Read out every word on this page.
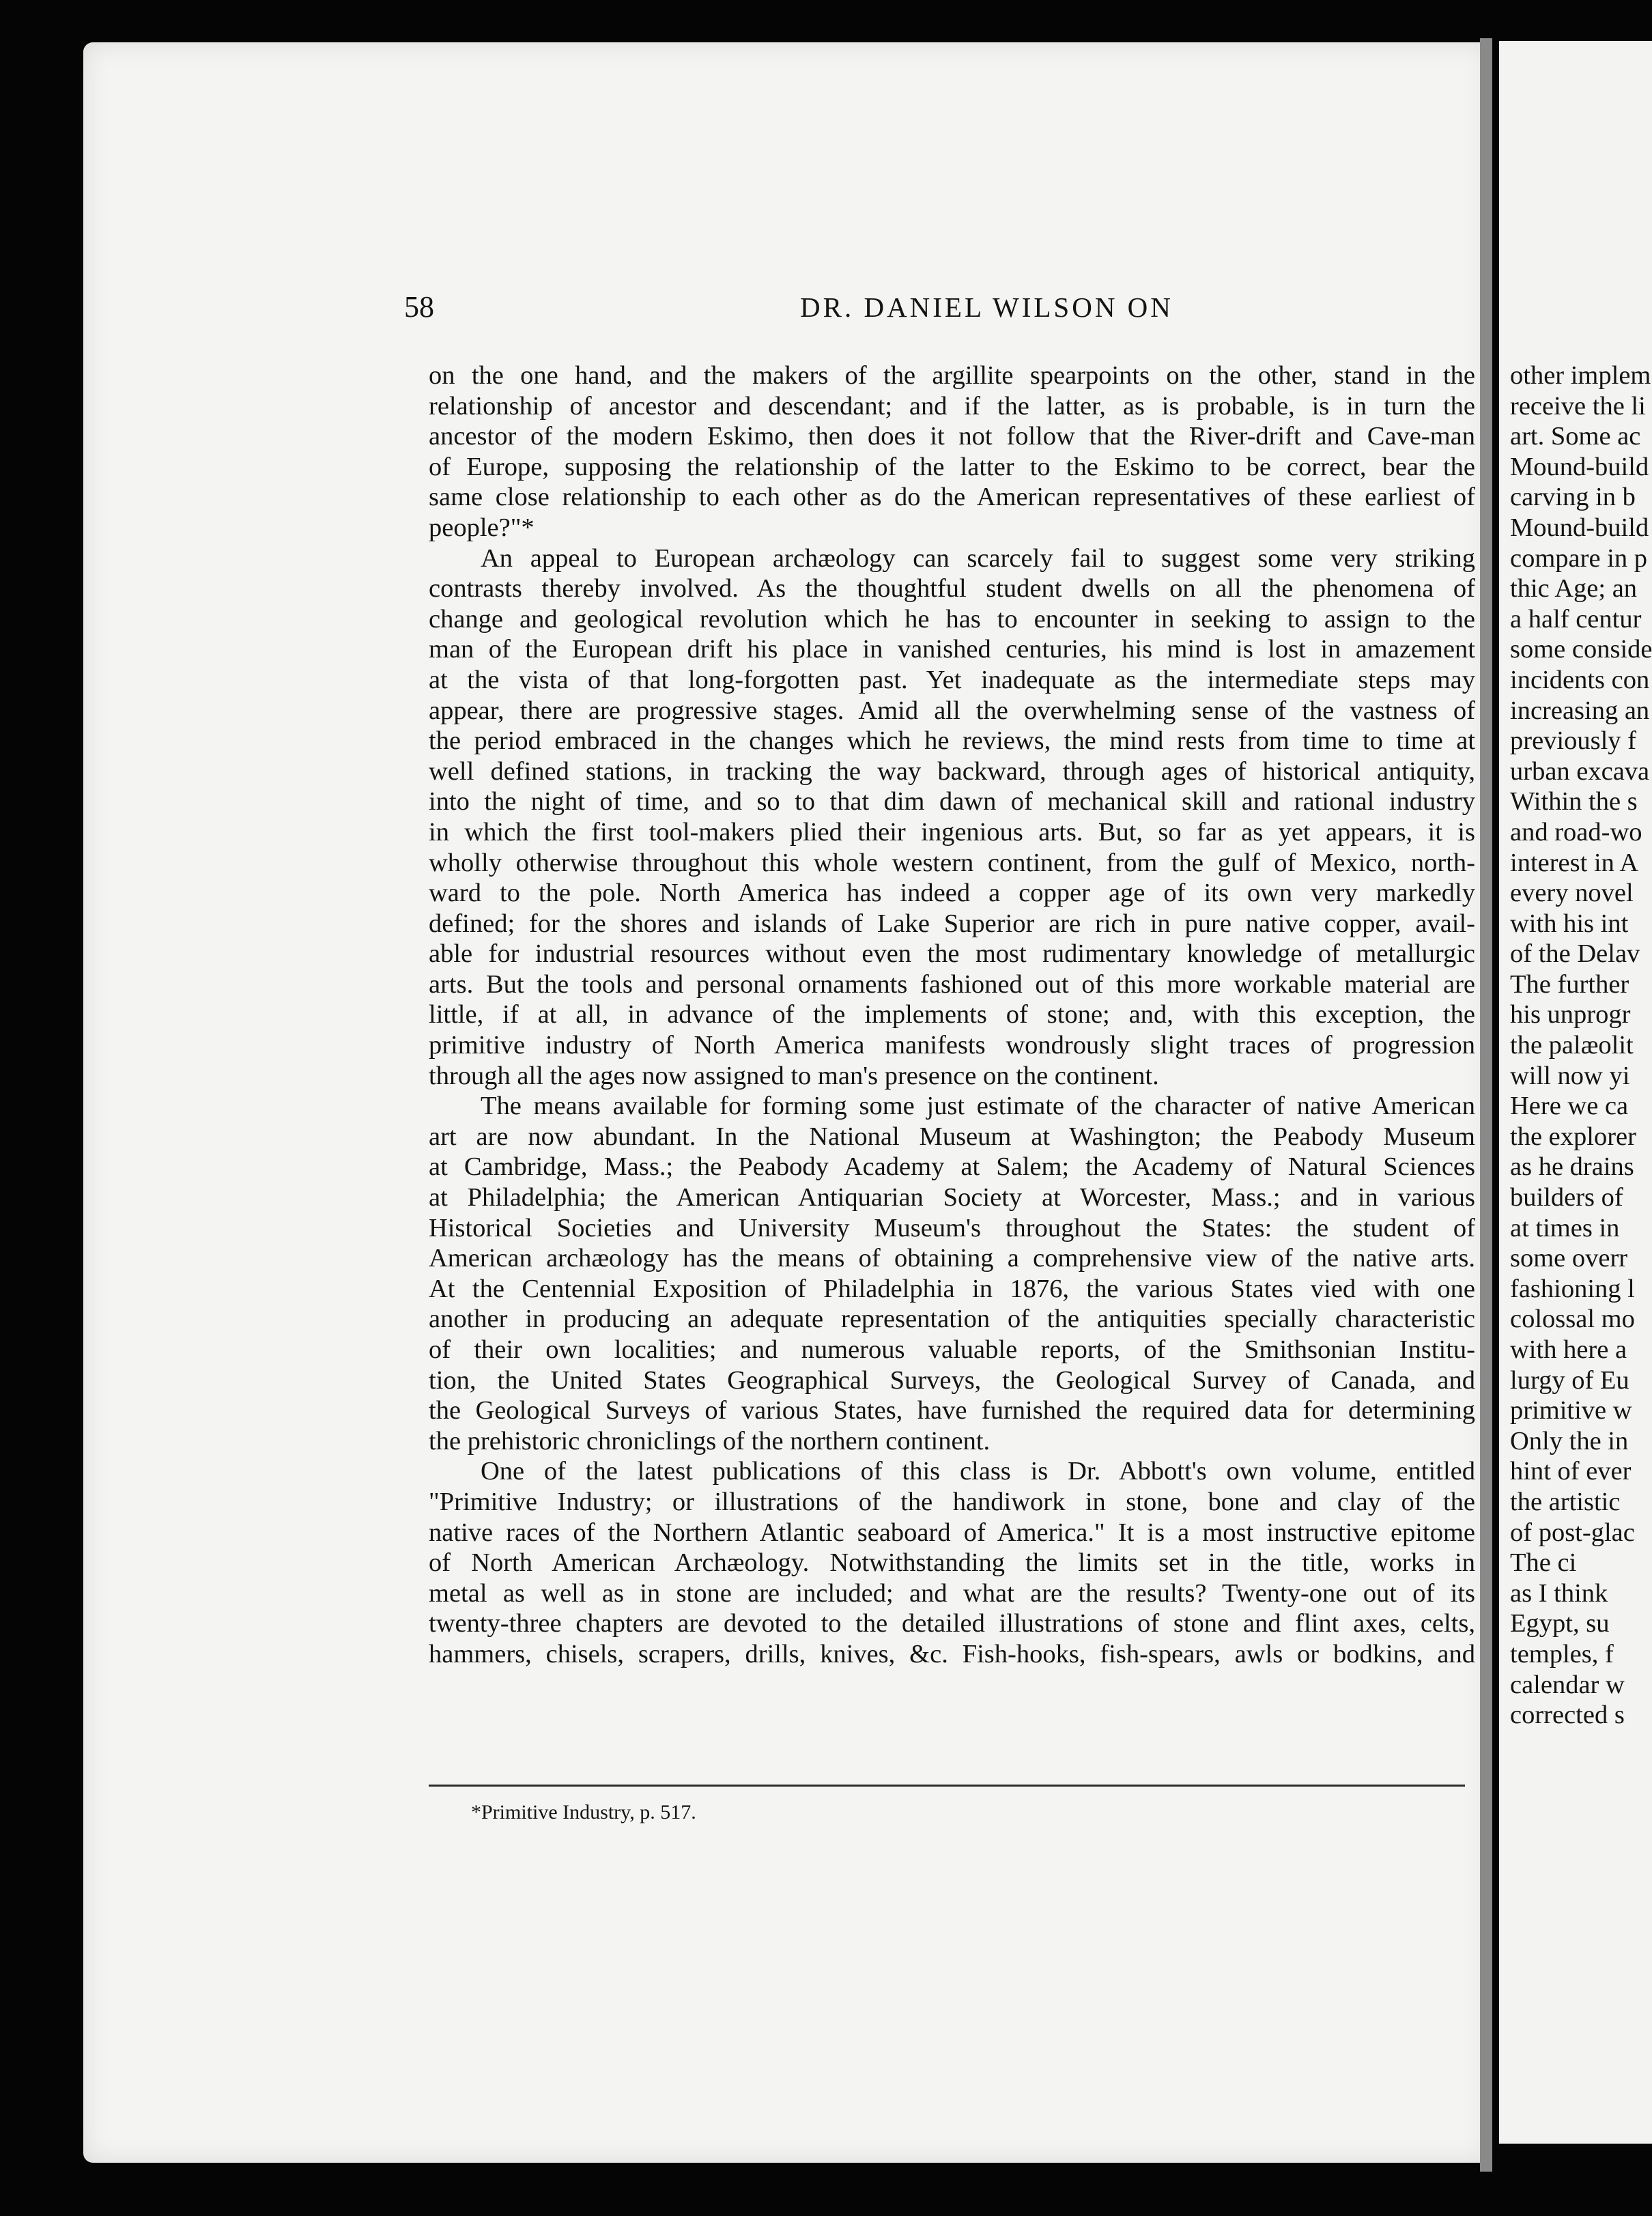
other implem
receive the li
art. Some ac
Mound-build
carving in b
Mound-build
compare in p
thic Age; an
a half centur
some conside
incidents con
increasing an
previously f
urban excava
Within the s
and road-wo
interest in A
every novel
with his int
of the Delav
The further
his unprogr
the palæolit
will now yi
Here we ca
the explorer
as he drains
builders of
at times in
some overr
fashioning l
colossal mo
with here a
lurgy of Eu
primitive w
Only the in
hint of ever
the artistic
of post-glac
The ci
as I think
Egypt, su
temples, f
calendar w
corrected s
58	DR. DANIEL WILSON ON
on the one hand, and the makers of the argillite spearpoints on the other, stand in the
relationship of ancestor and descendant; and if the latter, as is probable, is in turn the
ancestor of the modern Eskimo, then does it not follow that the River-drift and Cave-man
of Europe, supposing the relationship of the latter to the Eskimo to be correct, bear the
same close relationship to each other as do the American representatives of these earliest of
people?"*
An appeal to European archæology can scarcely fail to suggest some very striking
contrasts thereby involved. As the thoughtful student dwells on all the phenomena of
change and geological revolution which he has to encounter in seeking to assign to the
man of the European drift his place in vanished centuries, his mind is lost in amazement
at the vista of that long-forgotten past. Yet inadequate as the intermediate steps may
appear, there are progressive stages. Amid all the overwhelming sense of the vastness of
the period embraced in the changes which he reviews, the mind rests from time to time at
well defined stations, in tracking the way backward, through ages of historical antiquity,
into the night of time, and so to that dim dawn of mechanical skill and rational industry
in which the first tool-makers plied their ingenious arts. But, so far as yet appears, it is
wholly otherwise throughout this whole western continent, from the gulf of Mexico, north-
ward to the pole. North America has indeed a copper age of its own very markedly
defined; for the shores and islands of Lake Superior are rich in pure native copper, avail-
able for industrial resources without even the most rudimentary knowledge of metallurgic
arts. But the tools and personal ornaments fashioned out of this more workable material are
little, if at all, in advance of the implements of stone; and, with this exception, the
primitive industry of North America manifests wondrously slight traces of progression
through all the ages now assigned to man's presence on the continent.
The means available for forming some just estimate of the character of native American
art are now abundant. In the National Museum at Washington; the Peabody Museum
at Cambridge, Mass.; the Peabody Academy at Salem; the Academy of Natural Sciences
at Philadelphia; the American Antiquarian Society at Worcester, Mass.; and in various
Historical Societies and University Museum's throughout the States: the student of
American archæology has the means of obtaining a comprehensive view of the native arts.
At the Centennial Exposition of Philadelphia in 1876, the various States vied with one
another in producing an adequate representation of the antiquities specially characteristic
of their own localities; and numerous valuable reports, of the Smithsonian Institu-
tion, the United States Geographical Surveys, the Geological Survey of Canada, and
the Geological Surveys of various States, have furnished the required data for determining
the prehistoric chroniclings of the northern continent.
One of the latest publications of this class is Dr. Abbott's own volume, entitled
"Primitive Industry; or illustrations of the handiwork in stone, bone and clay of the
native races of the Northern Atlantic seaboard of America." It is a most instructive epitome
of North American Archæology. Notwithstanding the limits set in the title, works in
metal as well as in stone are included; and what are the results? Twenty-one out of its
twenty-three chapters are devoted to the detailed illustrations of stone and flint axes, celts,
hammers, chisels, scrapers, drills, knives, &c. Fish-hooks, fish-spears, awls or bodkins, and
*Primitive Industry, p. 517.
